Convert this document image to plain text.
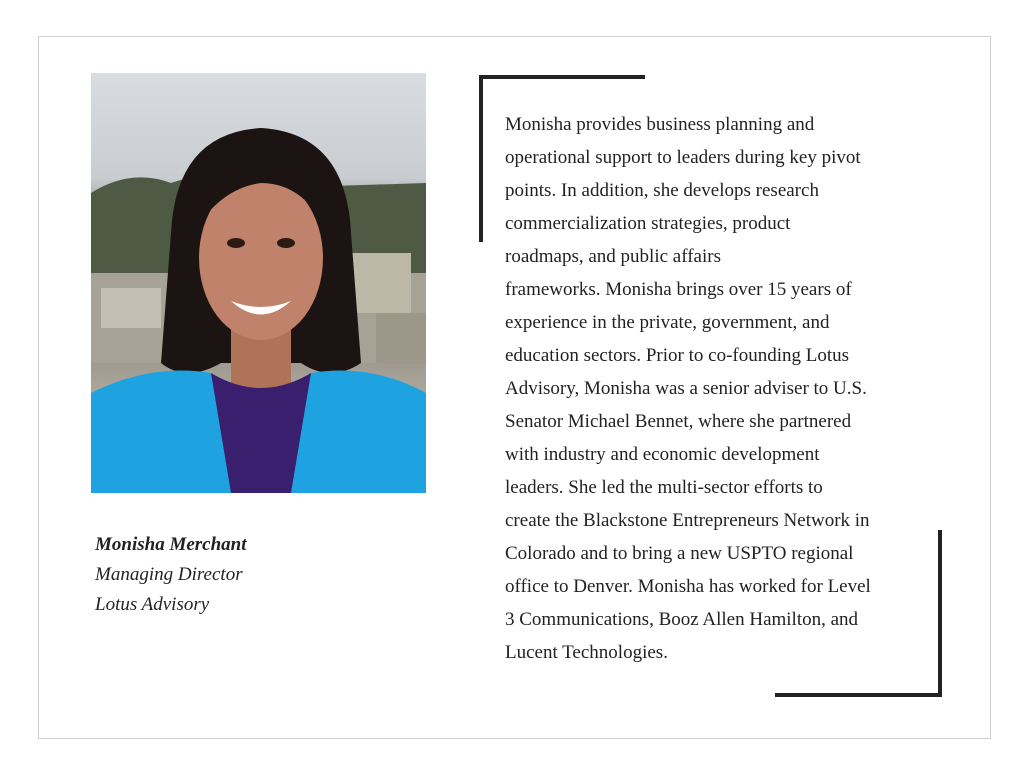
Monisha Merchant
Managing Director
Lotus Advisory
Monisha provides business planning and
operational support to leaders during key pivot
points. In addition, she develops research
commercialization strategies, product
roadmaps, and public affairs
frameworks. Monisha brings over 15 years of
experience in the private, government, and
education sectors. Prior to co-founding Lotus
Advisory, Monisha was a senior adviser to U.S.
Senator Michael Bennet, where she partnered
with industry and economic development
leaders. She led the multi-sector efforts to
create the Blackstone Entrepreneurs Network in
Colorado and to bring a new USPTO regional
office to Denver. Monisha has worked for Level
3 Communications, Booz Allen Hamilton, and
Lucent Technologies.
